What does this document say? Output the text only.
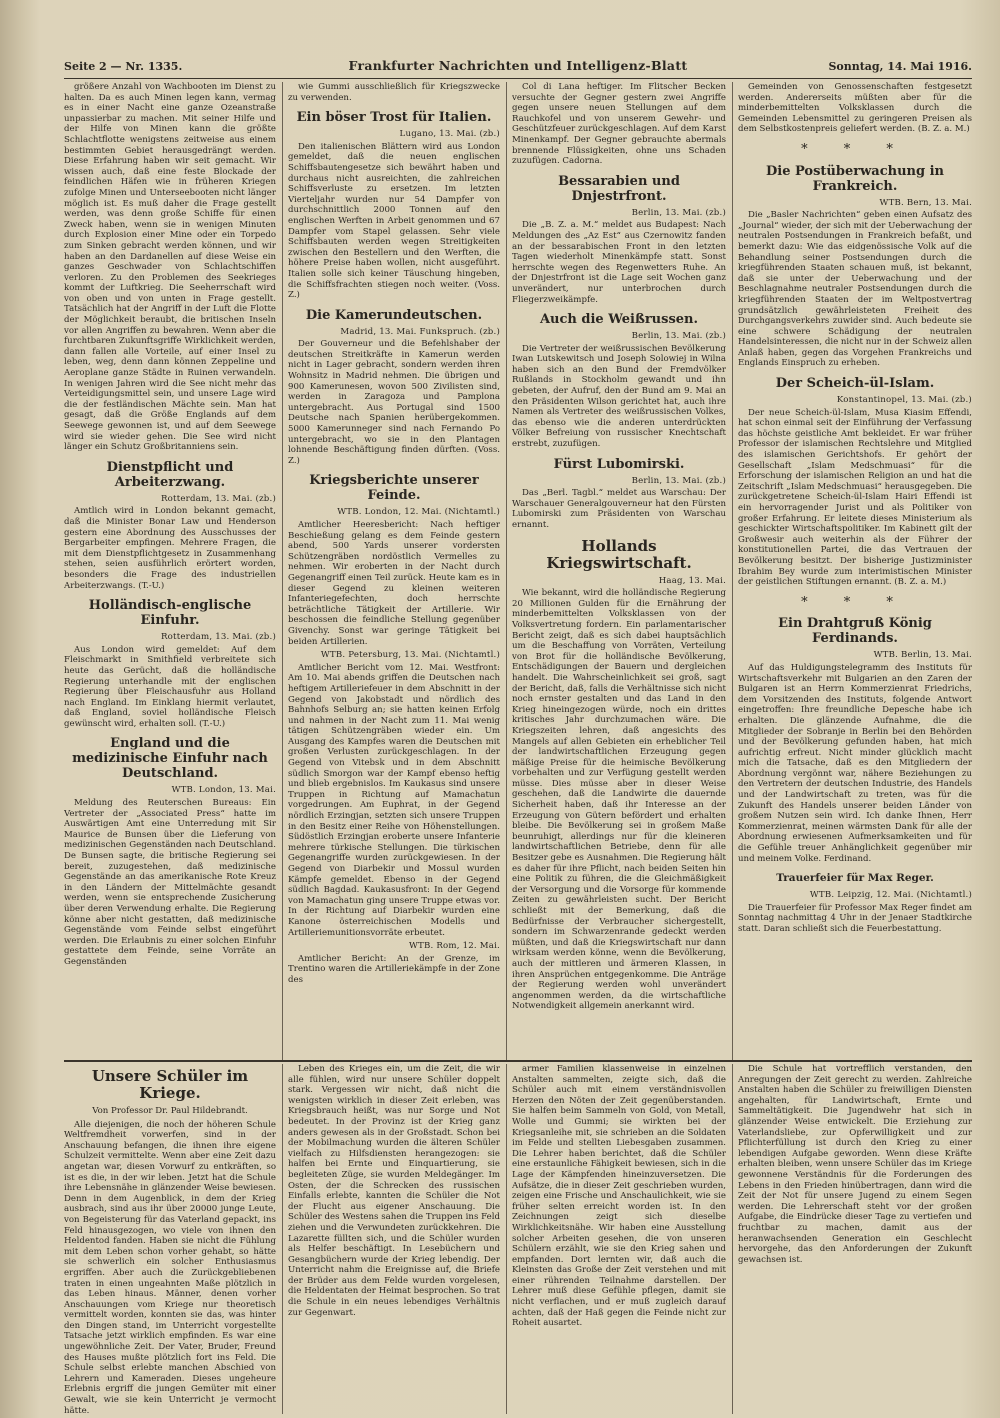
Seite 2 — Nr. 1335.	Frankfurter Nachrichten und Intelligenz-Blatt	Sonntag, 14. Mai 1916.

größere Anzahl von Wachbooten im Dienst zu halten. Da es auch Minen legen kann, vermag es in einer Nacht eine ganze Ozeanstraße unpassierbar zu machen. Mit seiner Hilfe und der Hilfe von Minen kann die größte Schlachtflotte wenigstens zeitweise aus einem bestimmten Gebiet herausgedrängt werden. Diese Erfahrung haben wir seit gemacht. Wir wissen auch, daß eine feste Blockade der feindlichen Häfen wie in früheren Kriegen zufolge Minen und Unterseebooten nicht länger möglich ist. Es muß daher die Frage gestellt werden, was denn große Schiffe für einen Zweck haben, wenn sie in wenigen Minuten durch Explosion einer Mine oder ein Torpedo zum Sinken gebracht werden können, und wir haben an den Dardanellen auf diese Weise ein ganzes Geschwader von Schlachtschiffen verloren. Zu den Problemen des Seekrieges kommt der Luftkrieg. Die Seeherrschaft wird von oben und von unten in Frage gestellt. Tatsächlich hat der Angriff in der Luft die Flotte der Möglichkeit beraubt, die britischen Inseln vor allen Angriffen zu bewahren. Wenn aber die furchtbaren Zukunftsgriffe Wirklichkeit werden, dann fallen alle Vorteile, auf einer Insel zu leben, weg, denn dann können Zeppeline und Aeroplane ganze Städte in Ruinen verwandeln. In wenigen Jahren wird die See nicht mehr das Verteidigungsmittel sein, und unsere Lage wird die der festländischen Mächte sein. Man hat gesagt, daß die Größe Englands auf dem Seewege gewonnen ist, und auf dem Seewege wird sie wieder gehen. Die See wird nicht länger ein Schutz Großbritanniens sein.

Dienstpflicht und Arbeiterzwang.
Rotterdam, 13. Mai. (zb.)

Amtlich wird in London bekannt gemacht, daß die Minister Bonar Law und Henderson gestern eine Abordnung des Ausschusses der Bergarbeiter empfingen. Mehrere Fragen, die mit dem Dienstpflichtgesetz in Zusammenhang stehen, seien ausführlich erörtert worden, besonders die Frage des industriellen Arbeiterzwangs. (T.-U.)

Holländisch-englische Einfuhr.
Rotterdam, 13. Mai. (zb.)

Aus London wird gemeldet: Auf dem Fleischmarkt in Smithfield verbreitete sich heute das Gerücht, daß die holländische Regierung unterhandle mit der englischen Regierung über Fleischausfuhr aus Holland nach England. Im Einklang hiermit verlautet, daß England, soviel holländische Fleisch gewünscht wird, erhalten soll. (T.-U.)

England und die medizinische Einfuhr nach Deutschland.
WTB. London, 13. Mai.

Meldung des Reuterschen Bureaus: Ein Vertreter der „Associated Press“ hatte im Auswärtigen Amt eine Unterredung mit Sir Maurice de Bunsen über die Lieferung von medizinischen Gegenständen nach Deutschland. De Bunsen sagte, die britische Regierung sei bereit, zuzugestehen, daß medizinische Gegenstände an das amerikanische Rote Kreuz in den Ländern der Mittelmächte gesandt werden, wenn sie entsprechende Zusicherung über deren Verwendung erhalte. Die Regierung könne aber nicht gestatten, daß medizinische Gegenstände vom Feinde selbst eingeführt werden. Die Erlaubnis zu einer solchen Einfuhr gestattete dem Feinde, seine Vorräte an Gegenständen

wie Gummi ausschließlich für Kriegszwecke zu verwenden.

Ein böser Trost für Italien.
Lugano, 13. Mai. (zb.)

Den italienischen Blättern wird aus London gemeldet, daß die neuen englischen Schiffsbautengesetze sich bewährt haben und durchaus nicht ausreichten, die zahlreichen Schiffsverluste zu ersetzen. Im letzten Vierteljahr wurden nur 54 Dampfer von durchschnittlich 2000 Tonnen auf den englischen Werften in Arbeit genommen und 67 Dampfer vom Stapel gelassen. Sehr viele Schiffsbauten werden wegen Streitigkeiten zwischen den Bestellern und den Werften, die höhere Preise haben wollen, nicht ausgeführt. Italien solle sich keiner Täuschung hingeben, die Schiffsfrachten stiegen noch weiter. (Voss. Z.)

Die Kamerundeutschen.
Madrid, 13. Mai. Funkspruch. (zb.)

Der Gouverneur und die Befehlshaber der deutschen Streitkräfte in Kamerun werden nicht in Lager gebracht, sondern werden ihren Wohnsitz in Madrid nehmen. Die übrigen und 900 Kamerunesen, wovon 500 Zivilisten sind, werden in Zaragoza und Pamplona untergebracht. Aus Portugal sind 1500 Deutsche nach Spanien herübergekommen. 5000 Kamerunneger sind nach Fernando Po untergebracht, wo sie in den Plantagen lohnende Beschäftigung finden dürften. (Voss. Z.)

Kriegsberichte unserer Feinde.
WTB. London, 12. Mai. (Nichtamtl.)

Amtlicher Heeresbericht: Nach heftiger Beschießung gelang es dem Feinde gestern abend, 500 Yards unserer vordersten Schützengräben nordöstlich Vermelles zu nehmen. Wir eroberten in der Nacht durch Gegenangriff einen Teil zurück. Heute kam es in dieser Gegend zu kleinen weiteren Infanteriegefechten, doch herrschte beträchtliche Tätigkeit der Artillerie. Wir beschossen die feindliche Stellung gegenüber Givenchy. Sonst war geringe Tätigkeit bei beiden Artillerien.

WTB. Petersburg, 13. Mai. (Nichtamtl.)

Amtlicher Bericht vom 12. Mai. Westfront: Am 10. Mai abends griffen die Deutschen nach heftigem Artilleriefeuer in dem Abschnitt in der Gegend von Jakobstadt und nördlich des Bahnhofs Selburg an; sie hatten keinen Erfolg und nahmen in der Nacht zum 11. Mai wenig tätigen Schützengräben wieder ein. Um Ausgang des Kampfes waren die Deutschen mit großen Verlusten zurückgeschlagen. In der Gegend von Vitebsk und in dem Abschnitt südlich Smorgon war der Kampf ebenso heftig und blieb ergebnislos. Im Kaukasus sind unsere Truppen in Richtung auf Mamachatun vorgedrungen. Am Euphrat, in der Gegend nördlich Erzingjan, setzten sich unsere Truppen in den Besitz einer Reihe von Höhenstellungen. Südöstlich Erzingjan eroberte unsere Infanterie mehrere türkische Stellungen. Die türkischen Gegenangriffe wurden zurückgewiesen. In der Gegend von Diarbekir und Mossul wurden Kämpfe gemeldet. Ebenso in der Gegend südlich Bagdad. Kaukasusfront: In der Gegend von Mamachatun ging unsere Truppe etwas vor. In der Richtung auf Diarbekir wurden eine Kanone österreichischen Modells und Artilleriemunitionsvorräte erbeutet.

WTB. Rom, 12. Mai.

Amtlicher Bericht: An der Grenze, im Trentino waren die Artilleriekämpfe in der Zone des

Col di Lana heftiger. Im Flitscher Becken versuchte der Gegner gestern zwei Angriffe gegen unsere neuen Stellungen auf dem Rauchkofel und von unserem Gewehr- und Geschützfeuer zurückgeschlagen. Auf dem Karst Minenkampf. Der Gegner gebrauchte abermals brennende Flüssigkeiten, ohne uns Schaden zuzufügen. Cadorna.

Bessarabien und Dnjestrfront.
Berlin, 13. Mai. (zb.)

Die „B. Z. a. M.“ meldet aus Budapest: Nach Meldungen des „Az Est“ aus Czernowitz fanden an der bessarabischen Front in den letzten Tagen wiederholt Minenkämpfe statt. Sonst herrschte wegen des Regenwetters Ruhe. An der Dnjestrfront ist die Lage seit Wochen ganz unverändert, nur unterbrochen durch Fliegerzweikämpfe.

Auch die Weißrussen.
Berlin, 13. Mai. (zb.)

Die Vertreter der weißrussischen Bevölkerung Iwan Lutskewitsch und Joseph Solowiej in Wilna haben sich an den Bund der Fremdvölker Rußlands in Stockholm gewandt und ihn gebeten, der Aufruf, den der Bund am 9. Mai an den Präsidenten Wilson gerichtet hat, auch ihre Namen als Vertreter des weißrussischen Volkes, das ebenso wie die anderen unterdrückten Völker Befreiung von russischer Knechtschaft erstrebt, zuzufügen.

Fürst Lubomirski.
Berlin, 13. Mai. (zb.)

Das „Berl. Tagbl.“ meldet aus Warschau: Der Warschauer Generalgouverneur hat den Fürsten Lubomirski zum Präsidenten von Warschau ernannt.

Hollands Kriegswirtschaft.
Haag, 13. Mai.

Wie bekannt, wird die holländische Regierung 20 Millionen Gulden für die Ernährung der minderbemittelten Volksklassen von der Volksvertretung fordern. Ein parlamentarischer Bericht zeigt, daß es sich dabei hauptsächlich um die Beschaffung von Vorräten, Verteilung von Brot für die holländische Bevölkerung, Entschädigungen der Bauern und dergleichen handelt. Die Wahrscheinlichkeit sei groß, sagt der Bericht, daß, falls die Verhältnisse sich nicht noch ernster gestalten und das Land in den Krieg hineingezogen würde, noch ein drittes kritisches Jahr durchzumachen wäre. Die Kriegszeiten lehren, daß angesichts des Mangels auf allen Gebieten ein erheblicher Teil der landwirtschaftlichen Erzeugung gegen mäßige Preise für die heimische Bevölkerung vorbehalten und zur Verfügung gestellt werden müsse. Dies müsse aber in dieser Weise geschehen, daß die Landwirte die dauernde Sicherheit haben, daß ihr Interesse an der Erzeugung von Gütern befördert und erhalten bleibe. Die Bevölkerung sei in großem Maße beunruhigt, allerdings nur für die kleineren landwirtschaftlichen Betriebe, denn für alle Besitzer gebe es Ausnahmen. Die Regierung hält es daher für ihre Pflicht, nach beiden Seiten hin eine Politik zu führen, die die Gleichmäßigkeit der Versorgung und die Vorsorge für kommende Zeiten zu gewährleisten sucht. Der Bericht schließt mit der Bemerkung, daß die Bedürfnisse der Verbraucher sichergestellt, sondern im Schwarzenrande gedeckt werden müßten, und daß die Kriegswirtschaft nur dann wirksam werden könne, wenn die Bevölkerung, auch der mittleren und ärmeren Klassen, in ihren Ansprüchen entgegenkomme. Die Anträge der Regierung werden wohl unverändert angenommen werden, da die wirtschaftliche Notwendigkeit allgemein anerkannt wird.

Gemeinden von Genossenschaften festgesetzt werden. Andererseits müßten aber für die minderbemittelten Volksklassen durch die Gemeinden Lebensmittel zu geringeren Preisen als dem Selbstkostenpreis geliefert werden. (B. Z. a. M.)

* * *
Die Postüberwachung in Frankreich.
WTB. Bern, 13. Mai.

Die „Basler Nachrichten“ geben einen Aufsatz des „Journal“ wieder, der sich mit der Ueberwachung der neutralen Postsendungen in Frankreich befaßt, und bemerkt dazu: Wie das eidgenössische Volk auf die Behandlung seiner Postsendungen durch die kriegführenden Staaten schauen muß, ist bekannt, daß sie unter der Ueberwachung und der Beschlagnahme neutraler Postsendungen durch die kriegführenden Staaten der im Weltpostvertrag grundsätzlich gewährleisteten Freiheit des Durchgangsverkehrs zuwider sind. Auch bedeute sie eine schwere Schädigung der neutralen Handelsinteressen, die nicht nur in der Schweiz allen Anlaß haben, gegen das Vorgehen Frankreichs und Englands Einspruch zu erheben.

Der Scheich-ül-Islam.
Konstantinopel, 13. Mai. (zb.)

Der neue Scheich-ül-Islam, Musa Kiasim Effendi, hat schon einmal seit der Einführung der Verfassung das höchste geistliche Amt bekleidet. Er war früher Professor der islamischen Rechtslehre und Mitglied des islamischen Gerichtshofs. Er gehört der Gesellschaft „Islam Medschmuasi“ für die Erforschung der islamischen Religion an und hat die Zeitschrift „Islam Medschmuasi“ herausgegeben. Die zurückgetretene Scheich-ül-Islam Hairi Effendi ist ein hervorragender Jurist und als Politiker von großer Erfahrung. Er leitete dieses Ministerium als geschickter Wirtschaftspolitiker. Im Kabinett gilt der Großwesir auch weiterhin als der Führer der konstitutionellen Partei, die das Vertrauen der Bevölkerung besitzt. Der bisherige Justizminister Ibrahim Bey wurde zum interimistischen Minister der geistlichen Stiftungen ernannt. (B. Z. a. M.)

* * *
Ein Drahtgruß König Ferdinands.
WTB. Berlin, 13. Mai.

Auf das Huldigungstelegramm des Instituts für Wirtschaftsverkehr mit Bulgarien an den Zaren der Bulgaren ist an Herrn Kommerzienrat Friedrichs, dem Vorsitzenden des Instituts, folgende Antwort eingetroffen: Ihre freundliche Depesche habe ich erhalten. Die glänzende Aufnahme, die die Mitglieder der Sobranje in Berlin bei den Behörden und der Bevölkerung gefunden haben, hat mich aufrichtig erfreut. Nicht minder glücklich macht mich die Tatsache, daß es den Mitgliedern der Abordnung vergönnt war, nähere Beziehungen zu den Vertretern der deutschen Industrie, des Handels und der Landwirtschaft zu treten, was für die Zukunft des Handels unserer beiden Länder von großem Nutzen sein wird. Ich danke Ihnen, Herr Kommerzienrat, meinen wärmsten Dank für alle der Abordnung erwiesenen Aufmerksamkeiten und für die Gefühle treuer Anhänglichkeit gegenüber mir und meinem Volke. Ferdinand.

Trauerfeier für Max Reger.
WTB. Leipzig, 12. Mai. (Nichtamtl.)

Die Trauerfeier für Professor Max Reger findet am Sonntag nachmittag 4 Uhr in der Jenaer Stadtkirche statt. Daran schließt sich die Feuerbestattung.

Unsere Schüler im Kriege.
Von Professor Dr. Paul Hildebrandt.

Alle diejenigen, die noch der höheren Schule Weltfremdheit vorwerfen, sind in der Anschauung befangen, die ihnen ihre eigene Schulzeit vermittelte. Wenn aber eine Zeit dazu angetan war, diesen Vorwurf zu entkräften, so ist es die, in der wir leben. Jetzt hat die Schule ihre Lebensnähe in glänzender Weise bewiesen. Denn in dem Augenblick, in dem der Krieg ausbrach, sind aus ihr über 20000 junge Leute, von Begeisterung für das Vaterland gepackt, ins Feld hinausgezogen, wo viele von ihnen den Heldentod fanden. Haben sie nicht die Fühlung mit dem Leben schon vorher gehabt, so hätte sie schwerlich ein solcher Enthusiasmus ergriffen. Aber auch die Zurückgebliebenen traten in einen ungeahnten Maße plötzlich in das Leben hinaus. Männer, denen vorher Anschauungen vom Kriege nur theoretisch vermittelt worden, konnten sie das, was hinter den Dingen stand, im Unterricht vorgestellte Tatsache jetzt wirklich empfinden. Es war eine ungewöhnliche Zeit. Der Vater, Bruder, Freund des Hauses mußte plötzlich fort ins Feld. Die Schule selbst erlebte manchen Abschied von Lehrern und Kameraden. Dieses ungeheure Erlebnis ergriff die jungen Gemüter mit einer Gewalt, wie sie kein Unterricht je vermocht hätte.

Leben des Krieges ein, um die Zeit, die wir alle fühlen, wird nur unsere Schüler doppelt stark. Vergessen wir nicht, daß nicht die wenigsten wirklich in dieser Zeit erleben, was Kriegsbrauch heißt, was nur Sorge und Not bedeutet. In der Provinz ist der Krieg ganz anders gewesen als in der Großstadt. Schon bei der Mobilmachung wurden die älteren Schüler vielfach zu Hilfsdiensten herangezogen: sie halfen bei Ernte und Einquartierung, sie begleiteten Züge, sie wurden Meldegänger. Im Osten, der die Schrecken des russischen Einfalls erlebte, kannten die Schüler die Not der Flucht aus eigener Anschauung. Die Schüler des Westens sahen die Truppen ins Feld ziehen und die Verwundeten zurückkehren. Die Lazarette füllten sich, und die Schüler wurden als Helfer beschäftigt. In Lesebüchern und Gesangbüchern wurde der Krieg lebendig. Der Unterricht nahm die Ereignisse auf, die Briefe der Brüder aus dem Felde wurden vorgelesen, die Heldentaten der Heimat besprochen. So trat die Schule in ein neues lebendiges Verhältnis zur Gegenwart.

armer Familien klassenweise in einzelnen Anstalten sammelten, zeigte sich, daß die Schüler auch mit einem verständnisvollen Herzen den Nöten der Zeit gegenüberstanden. Sie halfen beim Sammeln von Gold, von Metall, Wolle und Gummi; sie wirkten bei der Kriegsanleihe mit, sie schrieben an die Soldaten im Felde und stellten Liebesgaben zusammen. Die Lehrer haben berichtet, daß die Schüler eine erstaunliche Fähigkeit bewiesen, sich in die Lage der Kämpfenden hineinzuversetzen. Die Aufsätze, die in dieser Zeit geschrieben wurden, zeigen eine Frische und Anschaulichkeit, wie sie früher selten erreicht worden ist. In den Zeichnungen zeigt sich dieselbe Wirklichkeitsnähe. Wir haben eine Ausstellung solcher Arbeiten gesehen, die von unseren Schülern erzählt, wie sie den Krieg sahen und empfanden. Dort lernten wir, daß auch die Kleinsten das Große der Zeit verstehen und mit einer rührenden Teilnahme darstellen. Der Lehrer muß diese Gefühle pflegen, damit sie nicht verflachen, und er muß zugleich darauf achten, daß der Haß gegen die Feinde nicht zur Roheit ausartet.

Die Schule hat vortrefflich verstanden, den Anregungen der Zeit gerecht zu werden. Zahlreiche Anstalten haben die Schüler zu freiwilligen Diensten angehalten, für Landwirtschaft, Ernte und Sammeltätigkeit. Die Jugendwehr hat sich in glänzender Weise entwickelt. Die Erziehung zur Vaterlandsliebe, zur Opferwilligkeit und zur Pflichterfüllung ist durch den Krieg zu einer lebendigen Aufgabe geworden. Wenn diese Kräfte erhalten bleiben, wenn unsere Schüler das im Kriege gewonnene Verständnis für die Forderungen des Lebens in den Frieden hinübertragen, dann wird die Zeit der Not für unsere Jugend zu einem Segen werden. Die Lehrerschaft steht vor der großen Aufgabe, die Eindrücke dieser Tage zu vertiefen und fruchtbar zu machen, damit aus der heranwachsenden Generation ein Geschlecht hervorgehe, das den Anforderungen der Zukunft gewachsen ist.
